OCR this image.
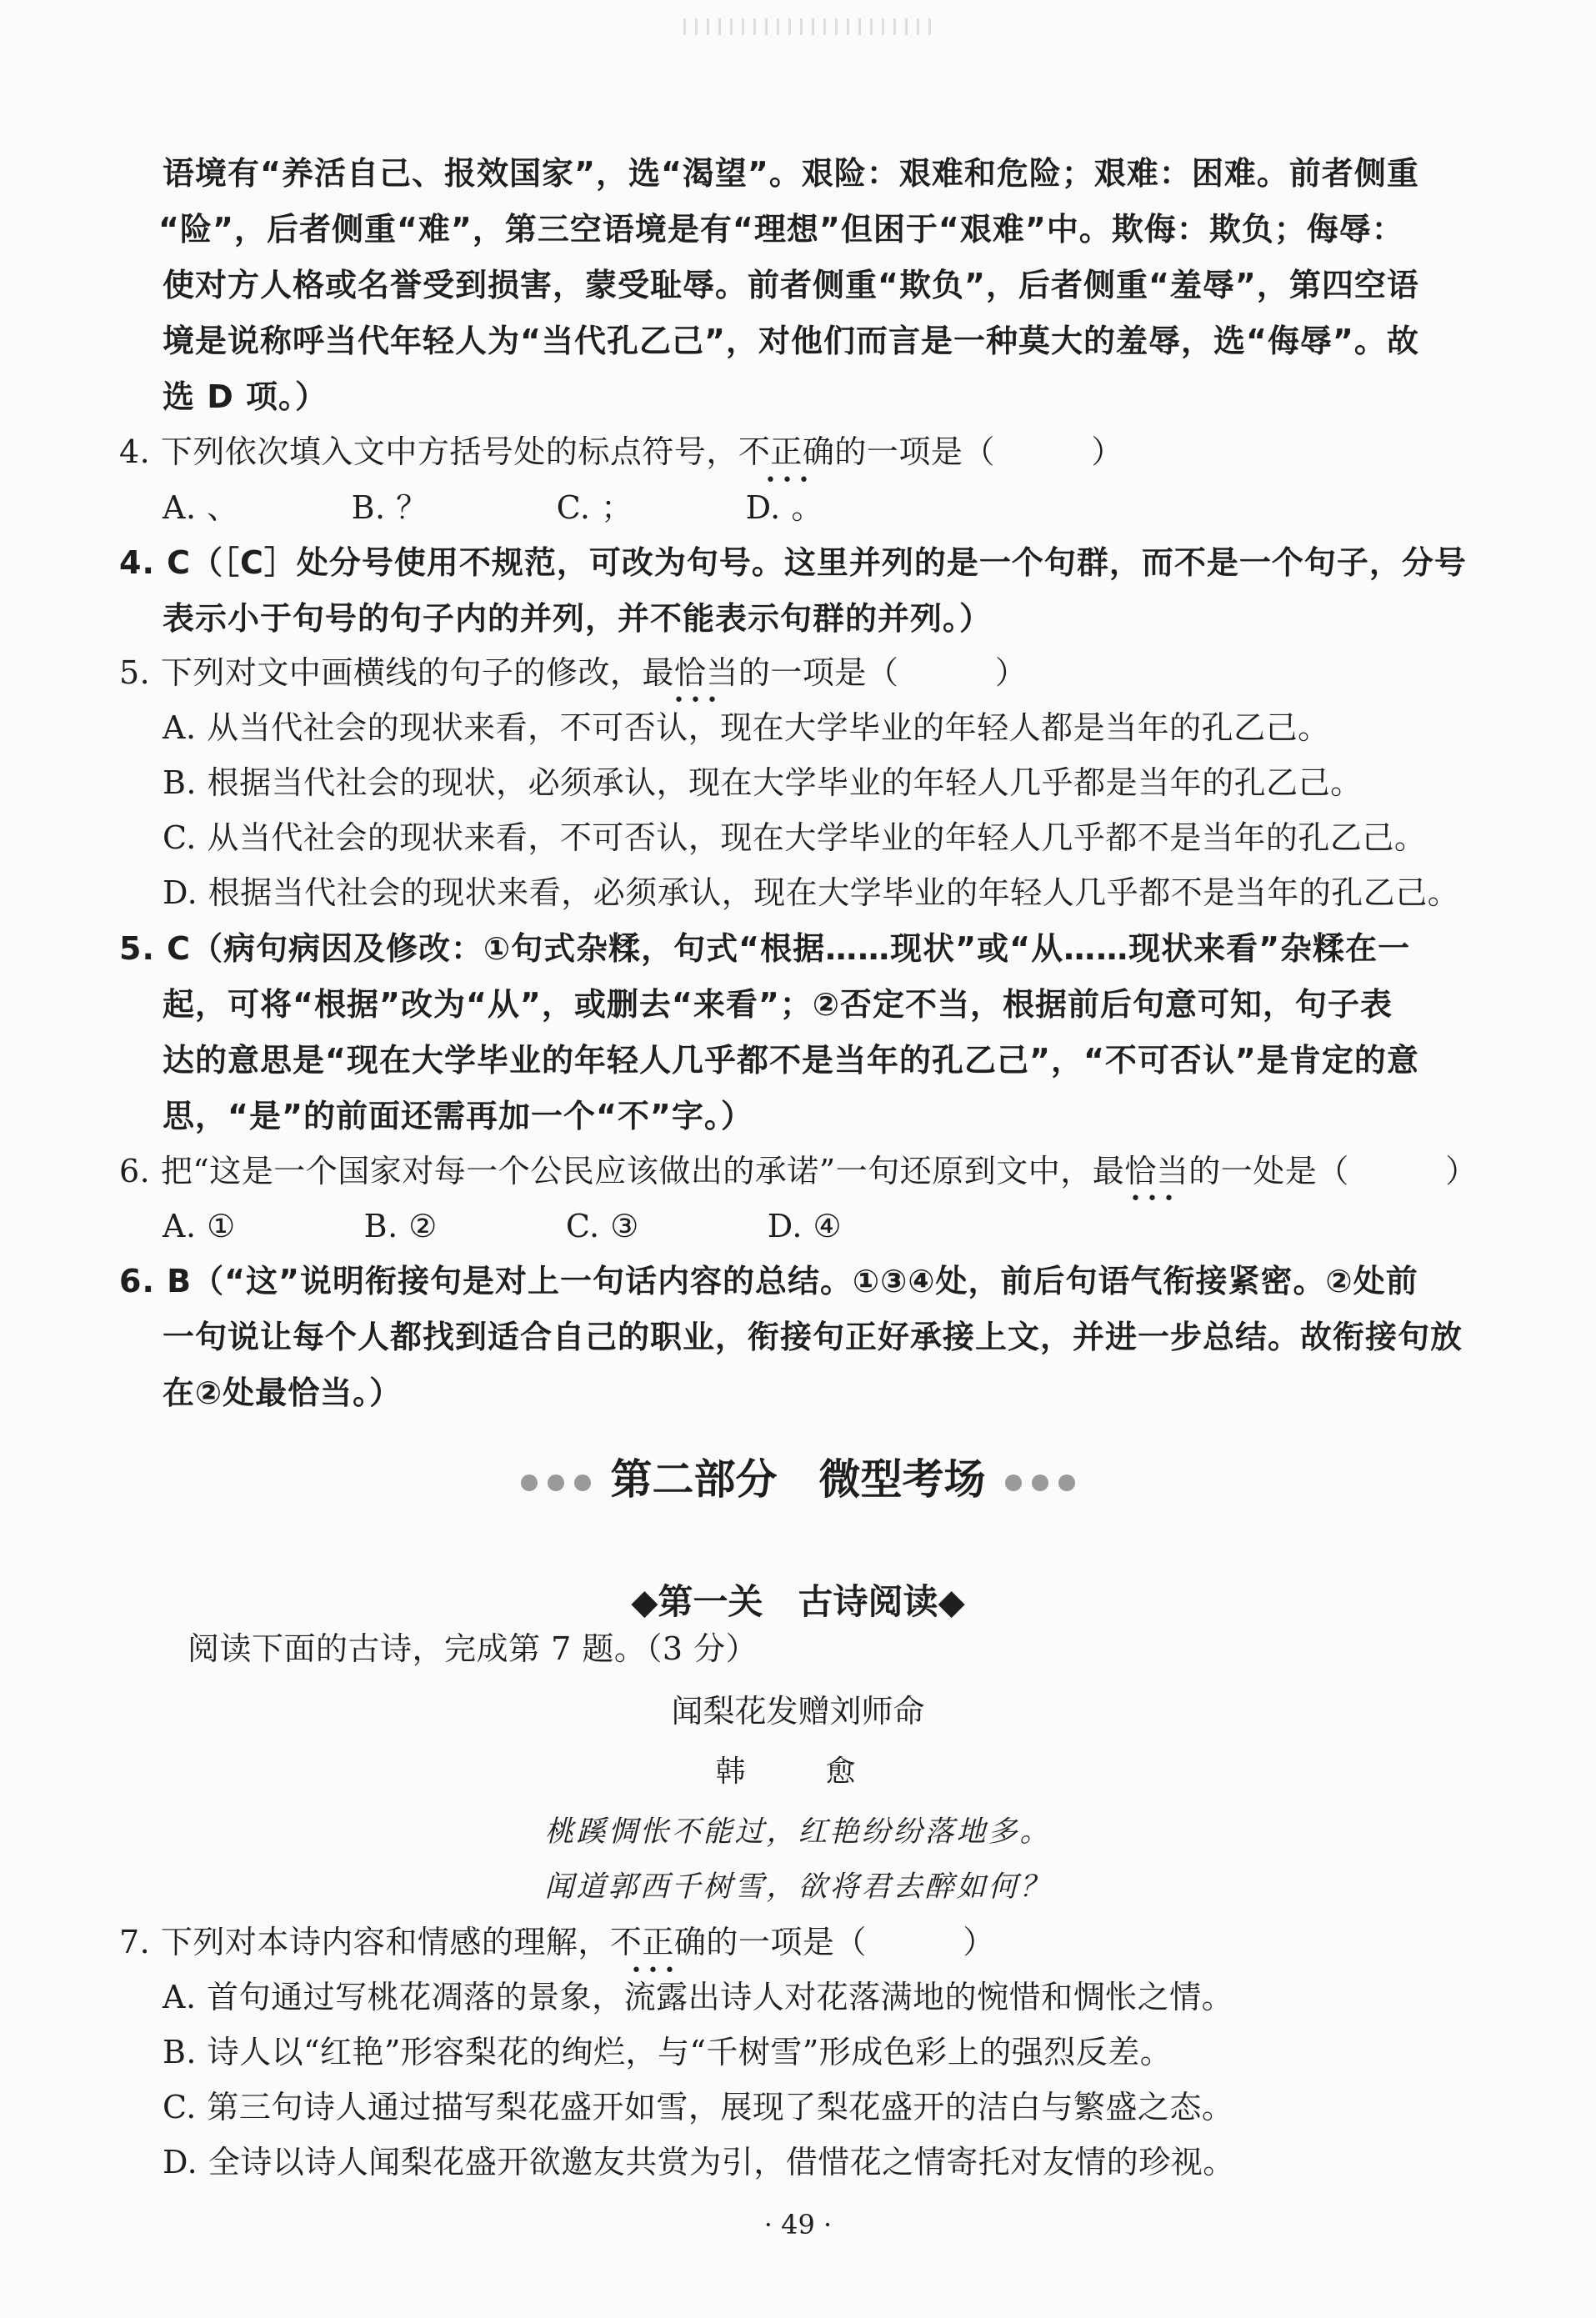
语境有“养活自己、报效国家”，选“渴望”。艰险：艰难和危险；艰难：困难。前者侧重
“险”，后者侧重“难”，第三空语境是有“理想”但困于“艰难”中。欺侮：欺负；侮辱：
使对方人格或名誉受到损害，蒙受耻辱。前者侧重“欺负”，后者侧重“羞辱”，第四空语
境是说称呼当代年轻人为“当代孔乙己”，对他们而言是一种莫大的羞辱，选“侮辱”。故
选 D 项。）
4. 下列依次填入文中方括号处的标点符号，不正确的一项是（　　　）
• • •
A. 、　　　　B. ？　　　　C. ；　　　　D. 。
4. C（［C］处分号使用不规范，可改为句号。这里并列的是一个句群，而不是一个句子，分号
表示小于句号的句子内的并列，并不能表示句群的并列。）
5. 下列对文中画横线的句子的修改，最恰当的一项是（　　　）
• • •
A. 从当代社会的现状来看，不可否认，现在大学毕业的年轻人都是当年的孔乙己。
B. 根据当代社会的现状，必须承认，现在大学毕业的年轻人几乎都是当年的孔乙己。
C. 从当代社会的现状来看，不可否认，现在大学毕业的年轻人几乎都不是当年的孔乙己。
D. 根据当代社会的现状来看，必须承认，现在大学毕业的年轻人几乎都不是当年的孔乙己。
5. C（病句病因及修改：①句式杂糅，句式“根据……现状”或“从……现状来看”杂糅在一
起，可将“根据”改为“从”，或删去“来看”；②否定不当，根据前后句意可知，句子表
达的意思是“现在大学毕业的年轻人几乎都不是当年的孔乙己”，“不可否认”是肯定的意
思，“是”的前面还需再加一个“不”字。）
6. 把“这是一个国家对每一个公民应该做出的承诺”一句还原到文中，最恰当的一处是（　　　）
• • •
A. ①　　　　B. ②　　　　C. ③　　　　D. ④
6. B（“这”说明衔接句是对上一句话内容的总结。①③④处，前后句语气衔接紧密。②处前
一句说让每个人都找到适合自己的职业，衔接句正好承接上文，并进一步总结。故衔接句放
在②处最恰当。）
第二部分　微型考场
◆第一关　古诗阅读◆
阅读下面的古诗，完成第 7 题。（3 分）
闻梨花发赠刘师命
韩　愈
桃蹊惆怅不能过，红艳纷纷落地多。
闻道郭西千树雪，欲将君去醉如何？
7. 下列对本诗内容和情感的理解，不正确的一项是（　　　）
• • •
A. 首句通过写桃花凋落的景象，流露出诗人对花落满地的惋惜和惆怅之情。
B. 诗人以“红艳”形容梨花的绚烂，与“千树雪”形成色彩上的强烈反差。
C. 第三句诗人通过描写梨花盛开如雪，展现了梨花盛开的洁白与繁盛之态。
D. 全诗以诗人闻梨花盛开欲邀友共赏为引，借惜花之情寄托对友情的珍视。
· 49 ·
